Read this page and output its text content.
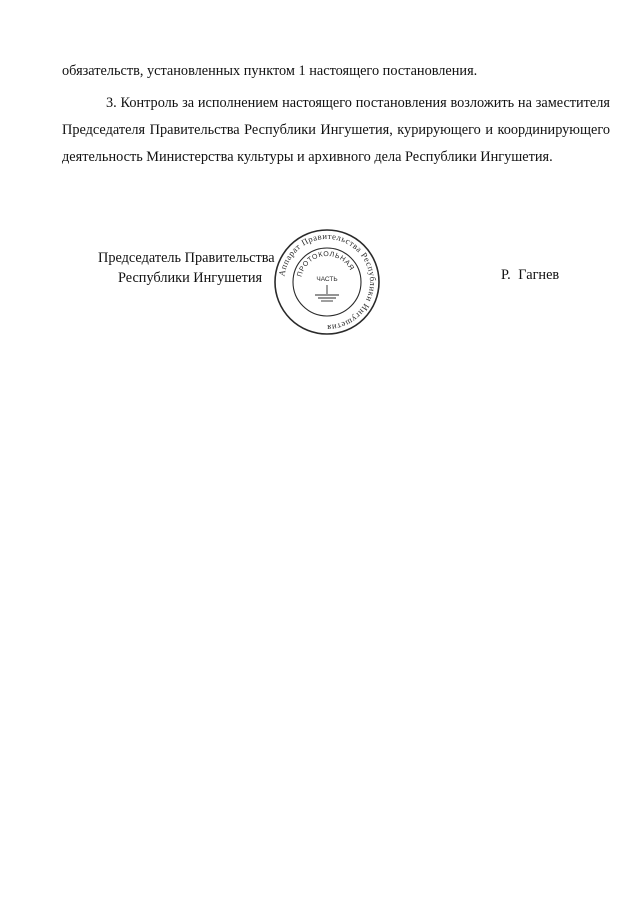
обязательств, установленных пунктом 1 настоящего постановления.
3. Контроль за исполнением настоящего постановления возложить на заместителя Председателя Правительства Республики Ингушетия, курирующего и координирующего деятельность Министерства культуры и архивного дела Республики Ингушетия.
Председатель Правительства
Республики Ингушетия	Аппарат Правительства Республики Ингушетия
ПРОТОКОЛЬНАЯ
ЧАСТЬ	Р. Гагнев
